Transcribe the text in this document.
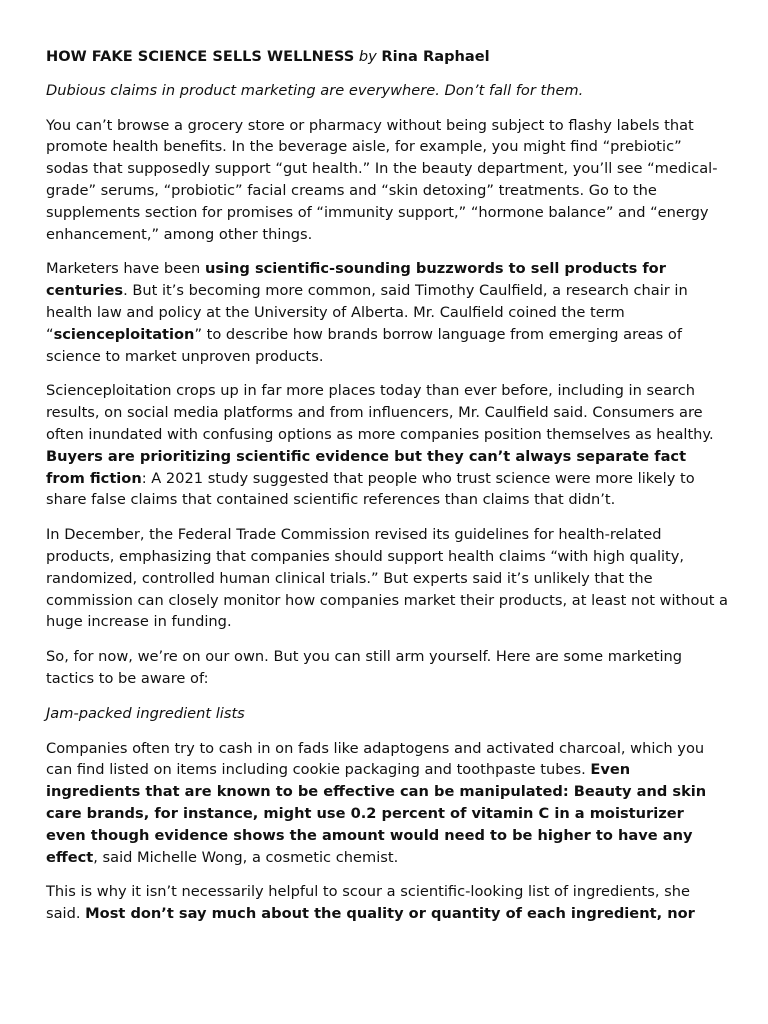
HOW FAKE SCIENCE SELLS WELLNESS by Rina Raphael

Dubious claims in product marketing are everywhere. Don’t fall for them.

You can’t browse a grocery store or pharmacy without being subject to flashy labels that promote health benefits. In the beverage aisle, for example, you might find “prebiotic” sodas that supposedly support “gut health.” In the beauty department, you’ll see “medical-grade” serums, “probiotic” facial creams and “skin detoxing” treatments. Go to the supplements section for promises of “immunity support,” “hormone balance” and “energy enhancement,” among other things.

Marketers have been using scientific-sounding buzzwords to sell products for centuries. But it’s becoming more common, said Timothy Caulfield, a research chair in health law and policy at the University of Alberta. Mr. Caulfield coined the term “scienceploitation” to describe how brands borrow language from emerging areas of science to market unproven products.

Scienceploitation crops up in far more places today than ever before, including in search results, on social media platforms and from influencers, Mr. Caulfield said. Consumers are often inundated with confusing options as more companies position themselves as healthy. Buyers are prioritizing scientific evidence but they can’t always separate fact from fiction: A 2021 study suggested that people who trust science were more likely to share false claims that contained scientific references than claims that didn’t.

In December, the Federal Trade Commission revised its guidelines for health-related products, emphasizing that companies should support health claims “with high quality, randomized, controlled human clinical trials.” But experts said it’s unlikely that the commission can closely monitor how companies market their products, at least not without a huge increase in funding.

So, for now, we’re on our own. But you can still arm yourself. Here are some marketing tactics to be aware of:

Jam-packed ingredient lists

Companies often try to cash in on fads like adaptogens and activated charcoal, which you can find listed on items including cookie packaging and toothpaste tubes. Even ingredients that are known to be effective can be manipulated: Beauty and skin care brands, for instance, might use 0.2 percent of vitamin C in a moisturizer even though evidence shows the amount would need to be higher to have any effect, said Michelle Wong, a cosmetic chemist.

This is why it isn’t necessarily helpful to scour a scientific-looking list of ingredients, she said. Most don’t say much about the quality or quantity of each ingredient, nor
